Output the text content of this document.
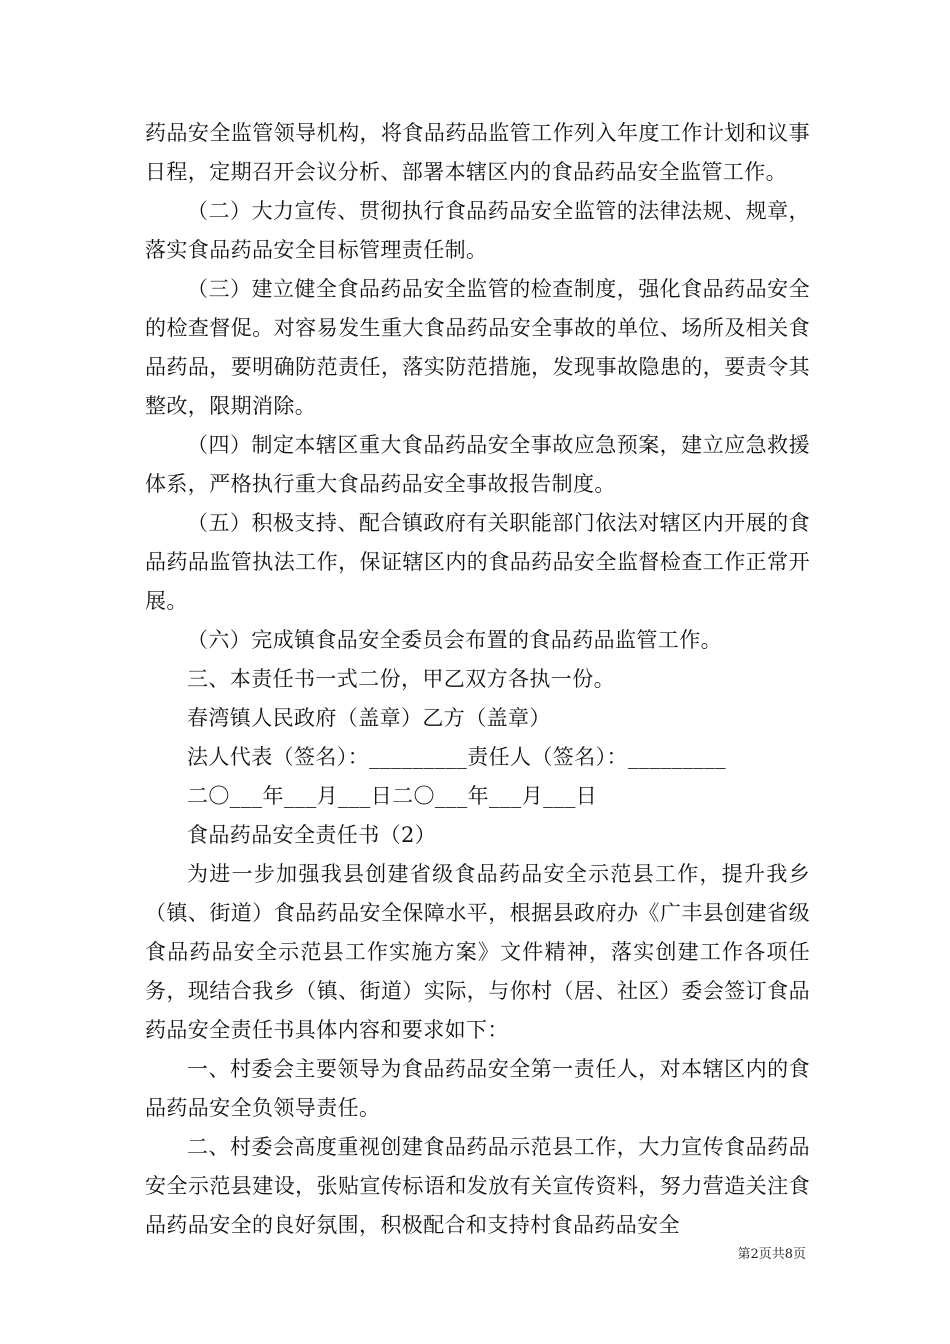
药品安全监管领导机构，将食品药品监管工作列入年度工作计划和议事日程，定期召开会议分析、部署本辖区内的食品药品安全监管工作。

（二）大力宣传、贯彻执行食品药品安全监管的法律法规、规章，落实食品药品安全目标管理责任制。

（三）建立健全食品药品安全监管的检查制度，强化食品药品安全的检查督促。对容易发生重大食品药品安全事故的单位、场所及相关食品药品，要明确防范责任，落实防范措施，发现事故隐患的，要责令其整改，限期消除。

（四）制定本辖区重大食品药品安全事故应急预案，建立应急救援体系，严格执行重大食品药品安全事故报告制度。

（五）积极支持、配合镇政府有关职能部门依法对辖区内开展的食品药品监管执法工作，保证辖区内的食品药品安全监督检查工作正常开展。

（六）完成镇食品安全委员会布置的食品药品监管工作。

三、本责任书一式二份，甲乙双方各执一份。

春湾镇人民政府（盖章）乙方（盖章）

法人代表（签名）：_________责任人（签名）：_________

二〇___年___月___日二〇___年___月___日

食品药品安全责任书（2）

为进一步加强我县创建省级食品药品安全示范县工作，提升我乡（镇、街道）食品药品安全保障水平，根据县政府办《广丰县创建省级食品药品安全示范县工作实施方案》文件精神，落实创建工作各项任务，现结合我乡（镇、街道）实际，与你村（居、社区）委会签订食品药品安全责任书具体内容和要求如下：

一、村委会主要领导为食品药品安全第一责任人，对本辖区内的食品药品安全负领导责任。

二、村委会高度重视创建食品药品示范县工作，大力宣传食品药品安全示范县建设，张贴宣传标语和发放有关宣传资料，努力营造关注食品药品安全的良好氛围，积极配合和支持村食品药品安全

第2页共8页
